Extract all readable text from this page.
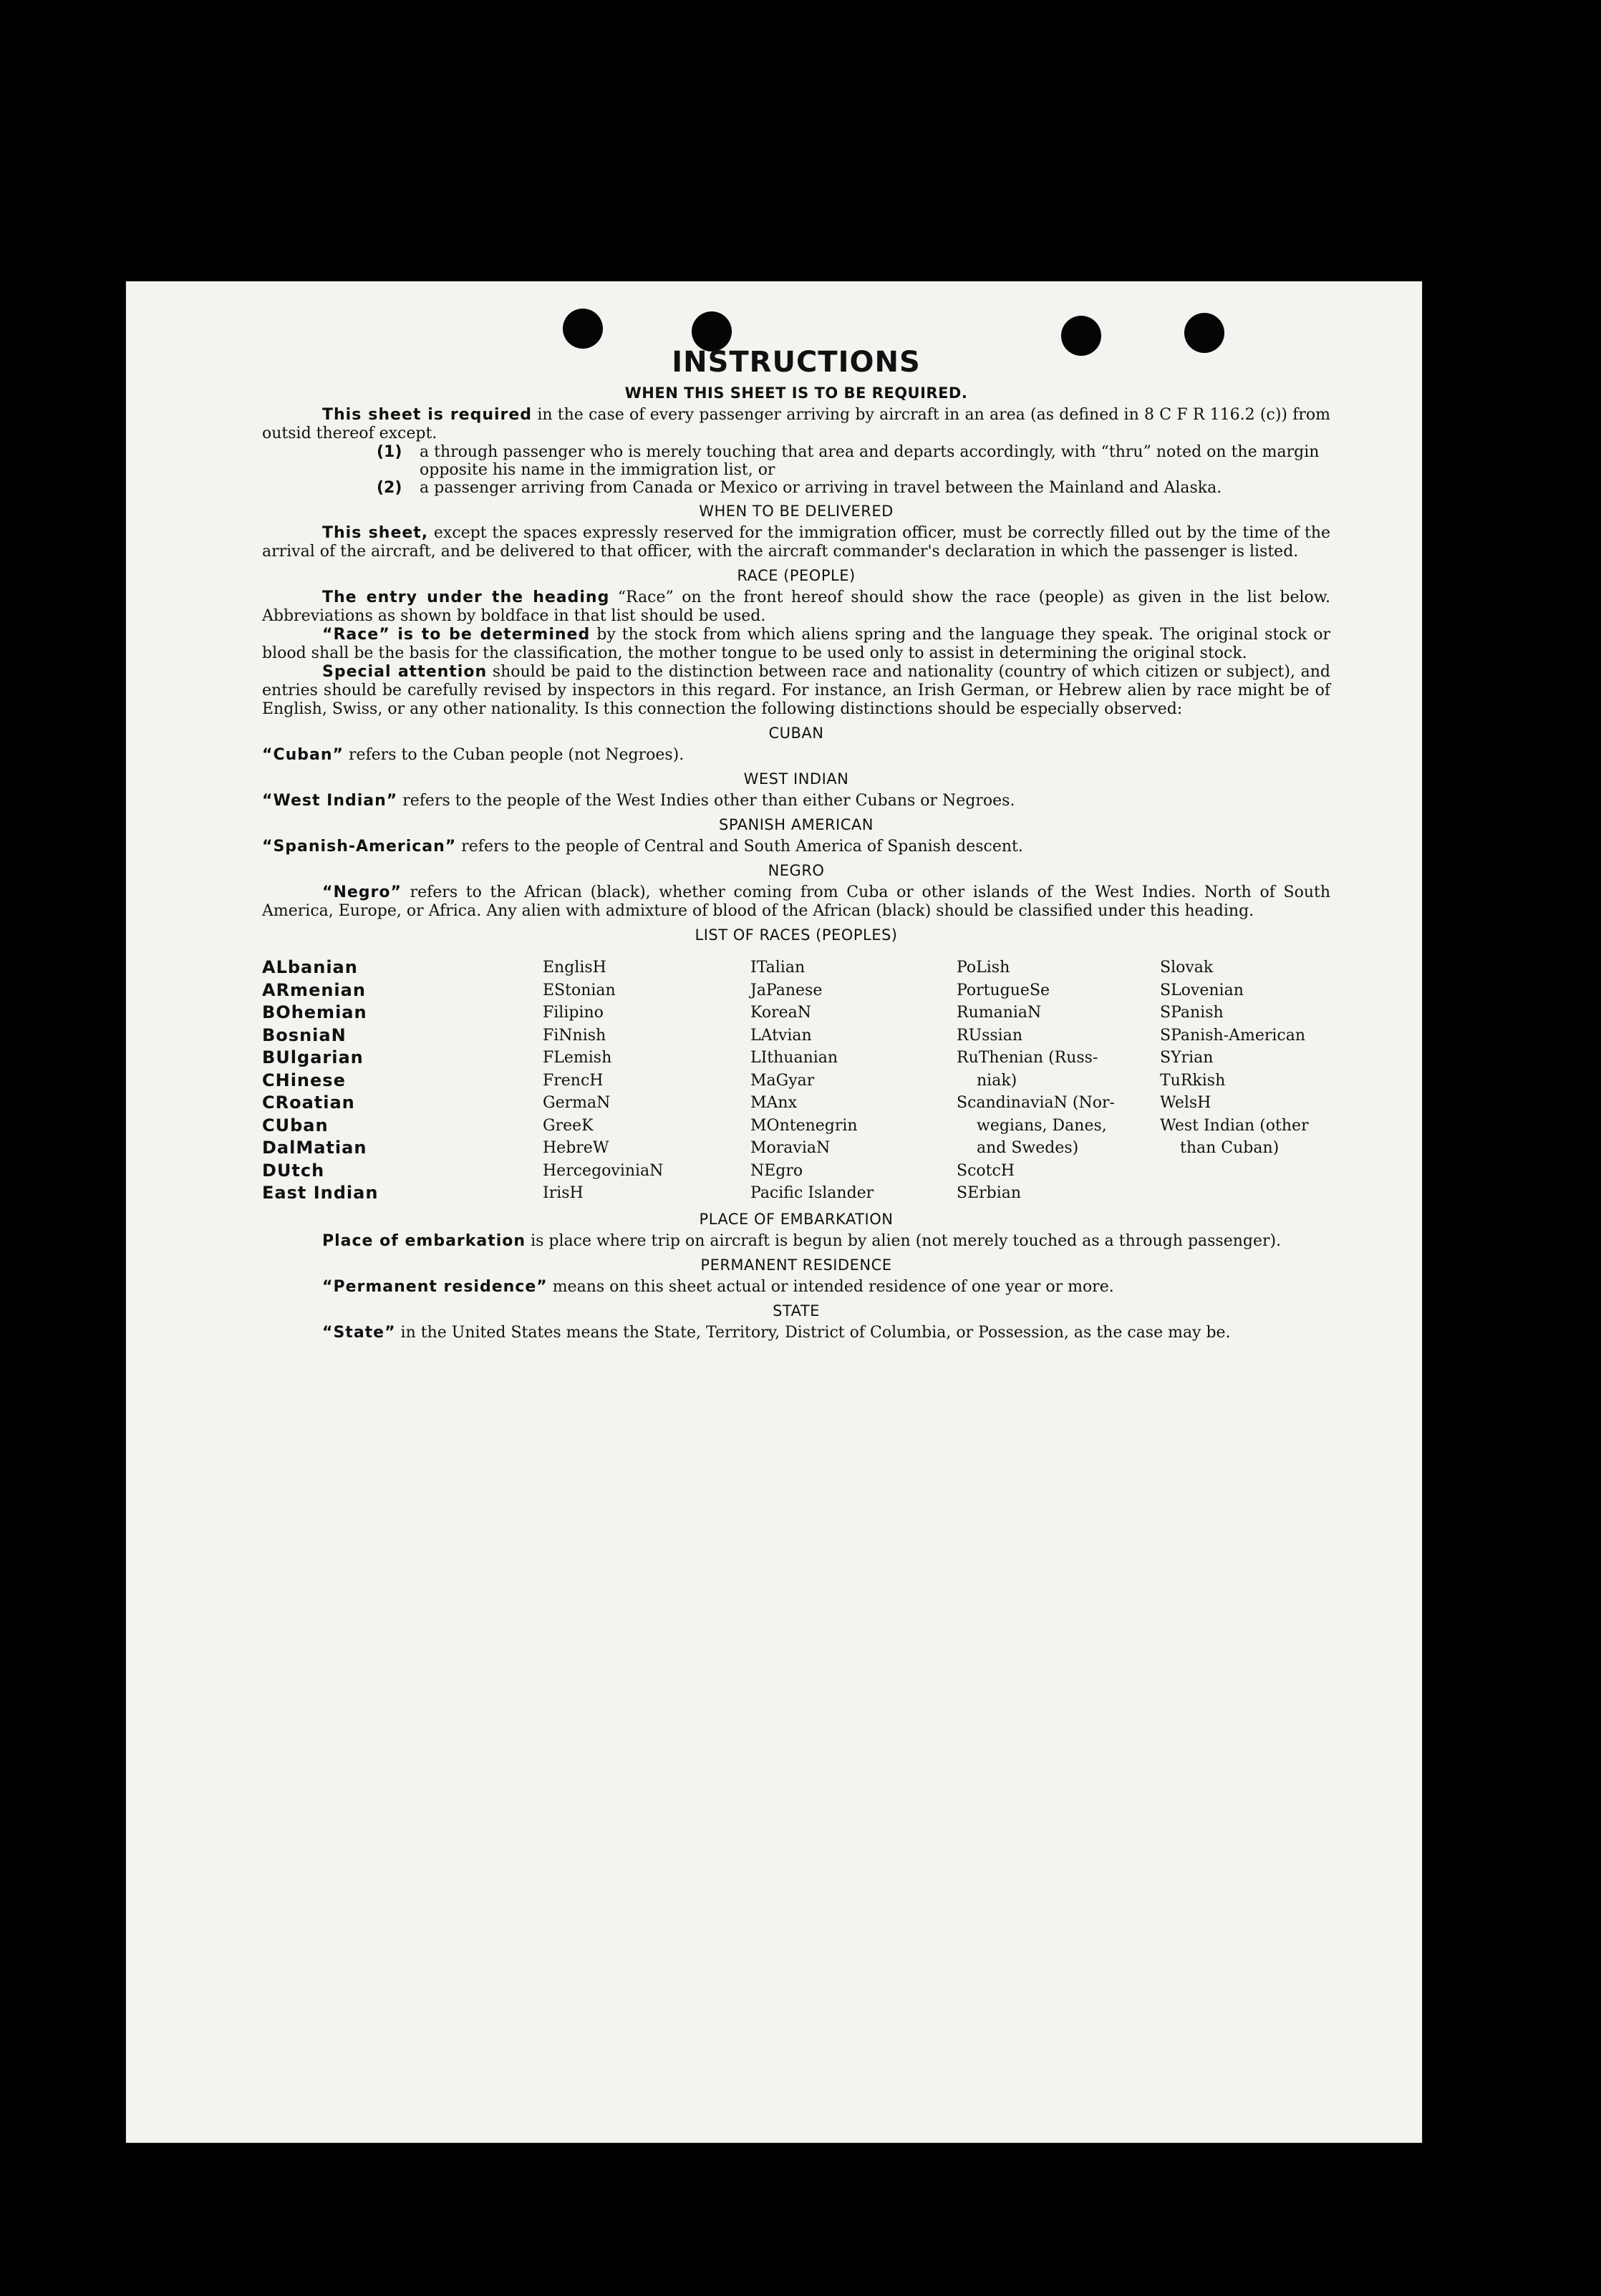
INSTRUCTIONS
WHEN THIS SHEET IS TO BE REQUIRED.

This sheet is required in the case of every passenger arriving by aircraft in an area (as defined in 8 C F R 116.2 (c)) from outsid thereof except.

(1)	a through passenger who is merely touching that area and departs accordingly, with “thru” noted on the margin opposite his name in the immigration list, or
(2)	a passenger arriving from Canada or Mexico or arriving in travel between the Mainland and Alaska.
WHEN TO BE DELIVERED

This sheet, except the spaces expressly reserved for the immigration officer, must be correctly filled out by the time of the arrival of the aircraft, and be delivered to that officer, with the aircraft commander's declaration in which the passenger is listed.

RACE (PEOPLE)

The entry under the heading “Race” on the front hereof should show the race (people) as given in the list below. Abbreviations as shown by boldface in that list should be used.

“Race” is to be determined by the stock from which aliens spring and the language they speak. The original stock or blood shall be the basis for the classification, the mother tongue to be used only to assist in determining the original stock.

Special attention should be paid to the distinction between race and nationality (country of which citizen or subject), and entries should be carefully revised by inspectors in this regard. For instance, an Irish German, or Hebrew alien by race might be of English, Swiss, or any other nationality. Is this connection the following distinctions should be especially observed:

CUBAN

“Cuban” refers to the Cuban people (not Negroes).

WEST INDIAN

“West Indian” refers to the people of the West Indies other than either Cubans or Negroes.

SPANISH AMERICAN

“Spanish-American” refers to the people of Central and South America of Spanish descent.

NEGRO

“Negro” refers to the African (black), whether coming from Cuba or other islands of the West Indies. North of South America, Europe, or Africa. Any alien with admixture of blood of the African (black) should be classified under this heading.

LIST OF RACES (PEOPLES)
ALbanian
ARmenian
BOhemian
BosniaN
BUlgarian
CHinese
CRoatian
CUban
DalMatian
DUtch
East Indian
EnglisH
EStonian
Filipino
FiNnish
FLemish
FrencH
GermaN
GreeK
HebreW
HercegoviniaN
IrisH
ITalian
JaPanese
KoreaN
LAtvian
LIthuanian
MaGyar
MAnx
MOntenegrin
MoraviaN
NEgro
Pacific Islander
PoLish
PortugueSe
RumaniaN
RUssian
RuThenian (Russ-
niak)
ScandinaviaN (Nor-
wegians, Danes,
and Swedes)
ScotcH
SErbian
Slovak
SLovenian
SPanish
SPanish-American
SYrian
TuRkish
WelsH
West Indian (other
than Cuban)
PLACE OF EMBARKATION

Place of embarkation is place where trip on aircraft is begun by alien (not merely touched as a through passenger).

PERMANENT RESIDENCE

“Permanent residence” means on this sheet actual or intended residence of one year or more.

STATE

“State” in the United States means the State, Territory, District of Columbia, or Possession, as the case may be.
